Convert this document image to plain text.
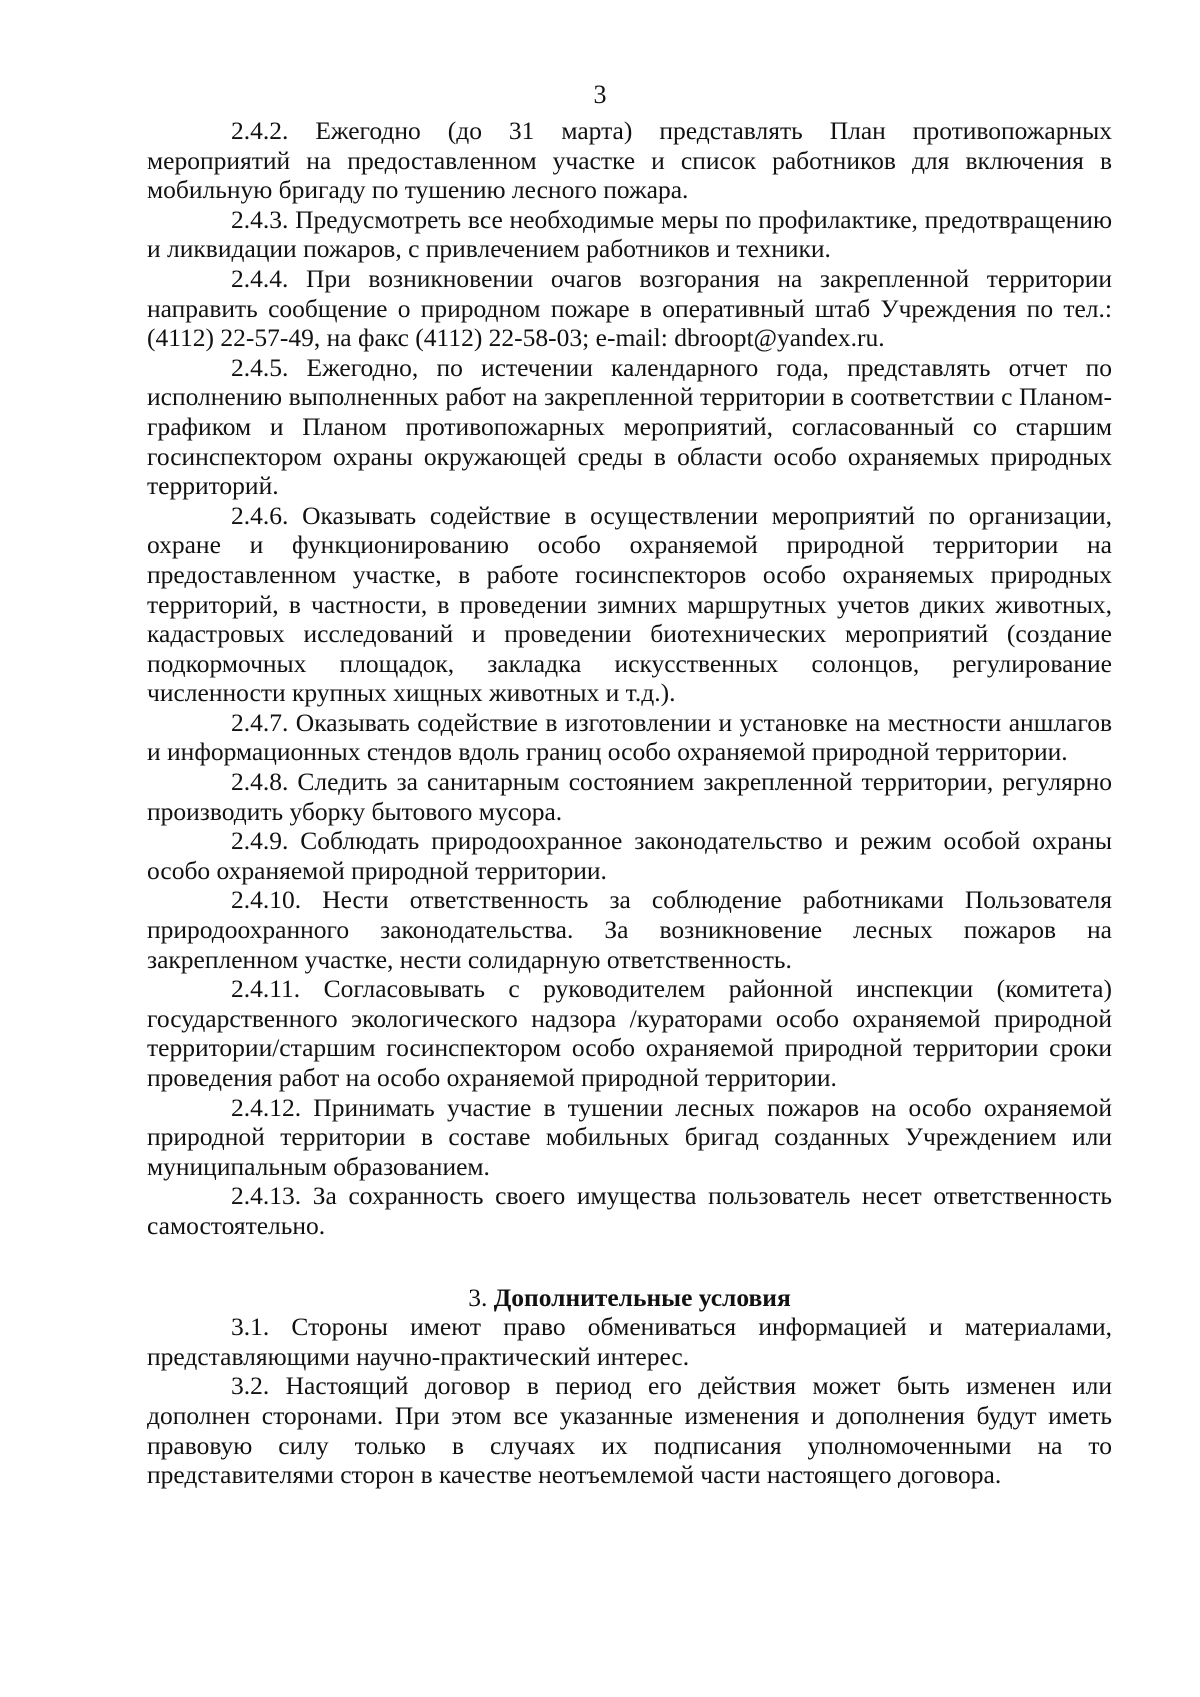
3

2.4.2. Ежегодно (до 31 марта) представлять План противопожарных мероприятий на предоставленном участке и список работников для включения в мобильную бригаду по тушению лесного пожара.

2.4.3. Предусмотреть все необходимые меры по профилактике, предотвращению и ликвидации пожаров, с привлечением работников и техники.

2.4.4. При возникновении очагов возгорания на закрепленной территории направить сообщение о природном пожаре в оперативный штаб Учреждения по тел.:(4112) 22-57-49, на факс (4112) 22-58-03; e-mail: dbroopt@yandex.ru.

2.4.5. Ежегодно, по истечении календарного года, представлять отчет по исполнению выполненных работ на закрепленной территории в соответствии с Планом-графиком и Планом противопожарных мероприятий, согласованный со старшим госинспектором охраны окружающей среды в области особо охраняемых природных территорий.

2.4.6. Оказывать содействие в осуществлении мероприятий по организации, охране и функционированию особо охраняемой природной территории на предоставленном участке, в работе госинспекторов особо охраняемых природных территорий, в частности, в проведении зимних маршрутных учетов диких животных, кадастровых исследований и проведении биотехнических мероприятий (создание подкормочных площадок, закладка искусственных солонцов, регулирование численности крупных хищных животных и т.д.).

2.4.7. Оказывать содействие в изготовлении и установке на местности аншлагов и информационных стендов вдоль границ особо охраняемой природной территории.

2.4.8. Следить за санитарным состоянием закрепленной территории, регулярно производить уборку бытового мусора.

2.4.9. Соблюдать природоохранное законодательство и режим особой охраны особо охраняемой природной территории.

2.4.10. Нести ответственность за соблюдение работниками Пользователя природоохранного законодательства. За возникновение лесных пожаров на закрепленном участке, нести солидарную ответственность.

2.4.11. Согласовывать с руководителем районной инспекции (комитета) государственного экологического надзора /кураторами особо охраняемой природной территории/старшим госинспектором особо охраняемой природной территории сроки проведения работ на особо охраняемой природной территории.

2.4.12. Принимать участие в тушении лесных пожаров на особо охраняемой природной территории в составе мобильных бригад созданных Учреждением или муниципальным образованием.

2.4.13. За сохранность своего имущества пользователь несет ответственность самостоятельно.

3. Дополнительные условия

3.1. Стороны имеют право обмениваться информацией и материалами, представляющими научно-практический интерес.

3.2. Настоящий договор в период его действия может быть изменен или дополнен сторонами. При этом все указанные изменения и дополнения будут иметь правовую силу только в случаях их подписания уполномоченными на то представителями сторон в качестве неотъемлемой части настоящего договора.
